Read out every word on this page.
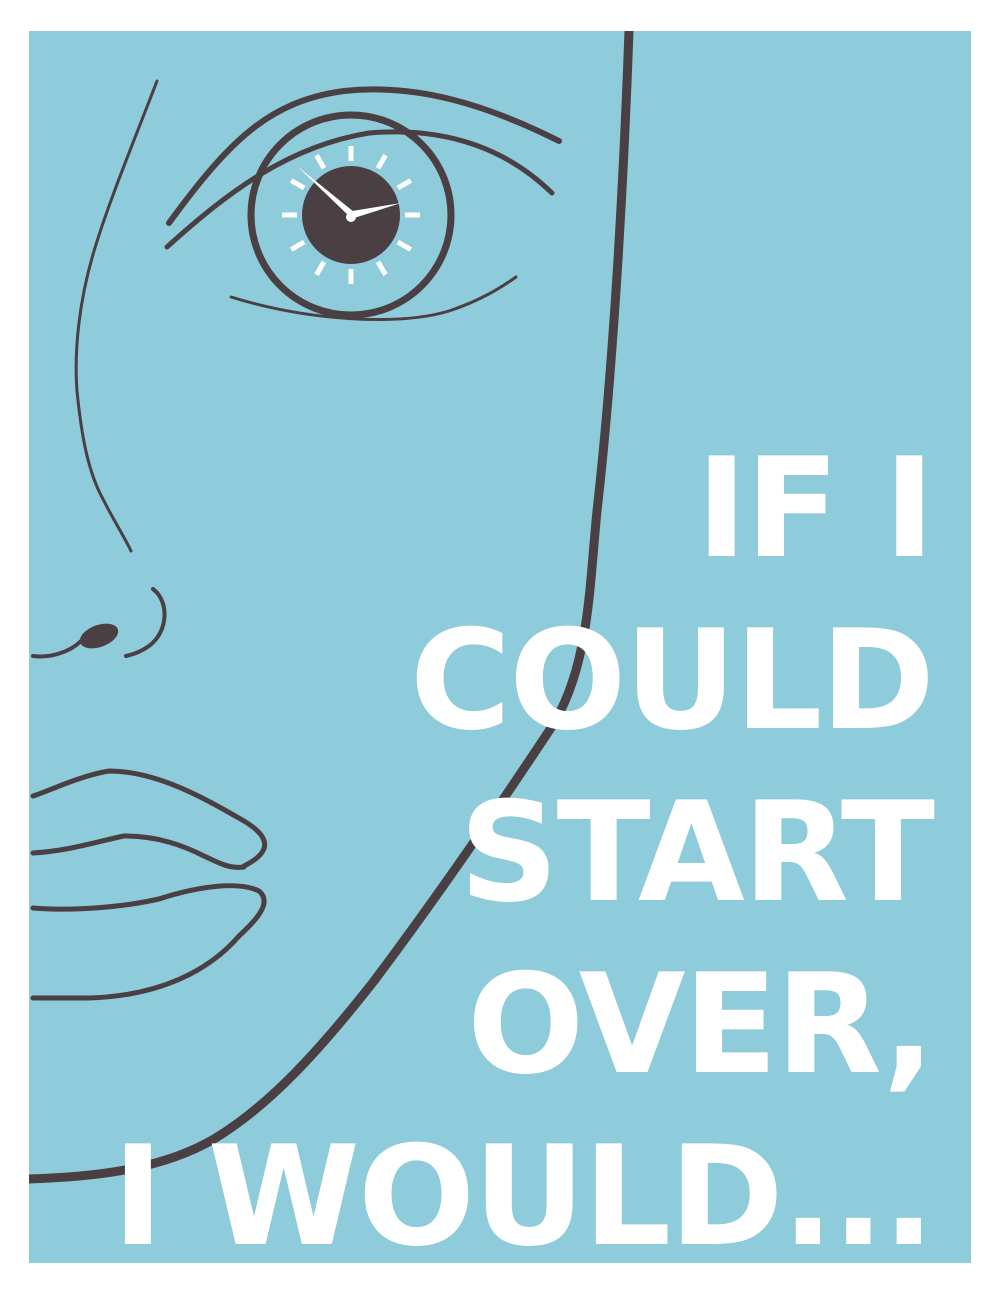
IF I
COULD
START
OVER,
I WOULD...
